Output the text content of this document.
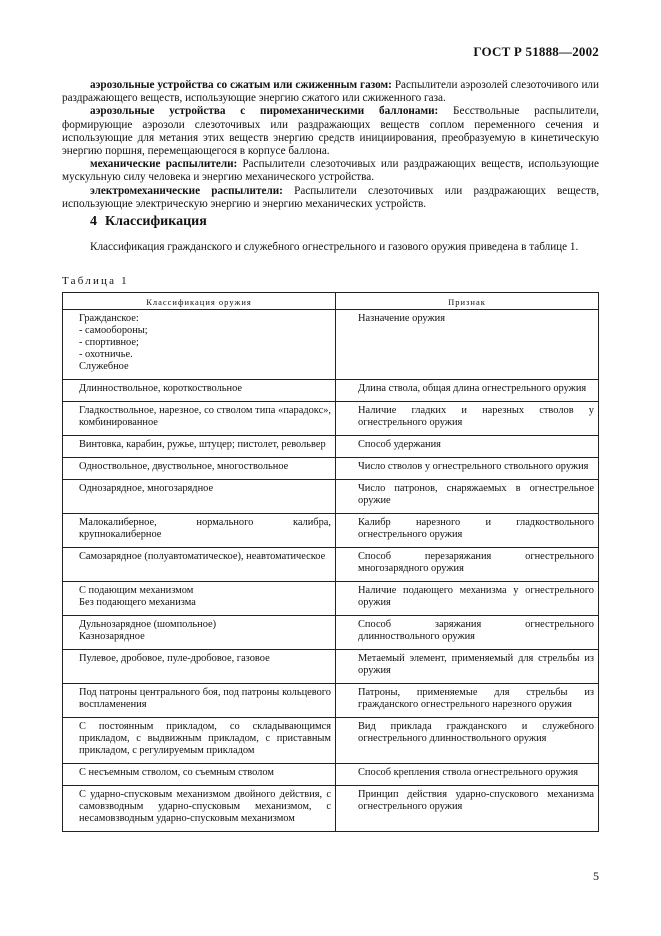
ГОСТ Р 51888—2002

аэрозольные устройства со сжатым или сжиженным газом: Распылители аэрозолей слезоточивого или раздражающего веществ, использующие энергию сжатого или сжиженного газа.

аэрозольные устройства с пиромеханическими баллонами: Бесствольные распылители, формирующие аэрозоли слезоточивых или раздражающих веществ соплом переменного сечения и использующие для метания этих веществ энергию средств инициирования, преобразуемую в кинетическую энергию поршня, перемещающегося в корпусе баллона.

механические распылители: Распылители слезоточивых или раздражающих веществ, использующие мускульную силу человека и энергию механического устройства.

электромеханические распылители: Распылители слезоточивых или раздражающих веществ, использующие электрическую энергию и энергию механических устройств.

4 Классификация

Классификация гражданского и служебного огнестрельного и газового оружия приведена в таблице 1.

Таблица 1
Классификация оружия	Признак

Гражданское:
- самообороны;
- спортивное;
- охотничье.
Служебное	Назначение оружия

Длинноствольное, короткоствольное	Длина ствола, общая длина огнестрельного оружия

Гладкоствольное, нарезное, со стволом типа «парадокс», комбинированное	Наличие гладких и нарезных стволов у огнестрельного оружия

Винтовка, карабин, ружье, штуцер; пистолет, револьвер	Способ удержания

Одноствольное, двуствольное, многоствольное	Число стволов у огнестрельного ствольного оружия

Однозарядное, многозарядное	Число патронов, снаряжаемых в огнестрельное оружие

Малокалиберное, нормального калибра, крупнокалиберное	Калибр нарезного и гладкоствольного огнестрельного оружия

Самозарядное (полуавтоматическое), неавтоматическое	Способ перезаряжания огнестрельного многозарядного оружия

С подающим механизмом
Без подающего механизма	Наличие подающего механизма у огнестрельного оружия

Дульнозарядное (шомпольное)
Казнозарядное	Способ заряжания огнестрельного длинноствольного оружия

Пулевое, дробовое, пуле-дробовое, газовое	Метаемый элемент, применяемый для стрельбы из оружия

Под патроны центрального боя, под патроны кольцевого воспламенения	Патроны, применяемые для стрельбы из гражданского огнестрельного нарезного оружия

С постоянным прикладом, со складывающимся прикладом, с выдвижным прикладом, с приставным прикладом, с регулируемым прикладом	Вид приклада гражданского и служебного огнестрельного длинноствольного оружия

С несъемным стволом, со съемным стволом	Способ крепления ствола огнестрельного оружия

С ударно-спусковым механизмом двойного действия, с самовзводным ударно-спусковым механизмом, с несамовзводным ударно-спусковым механизмом	Принцип действия ударно-спускового механизма огнестрельного оружия
5
